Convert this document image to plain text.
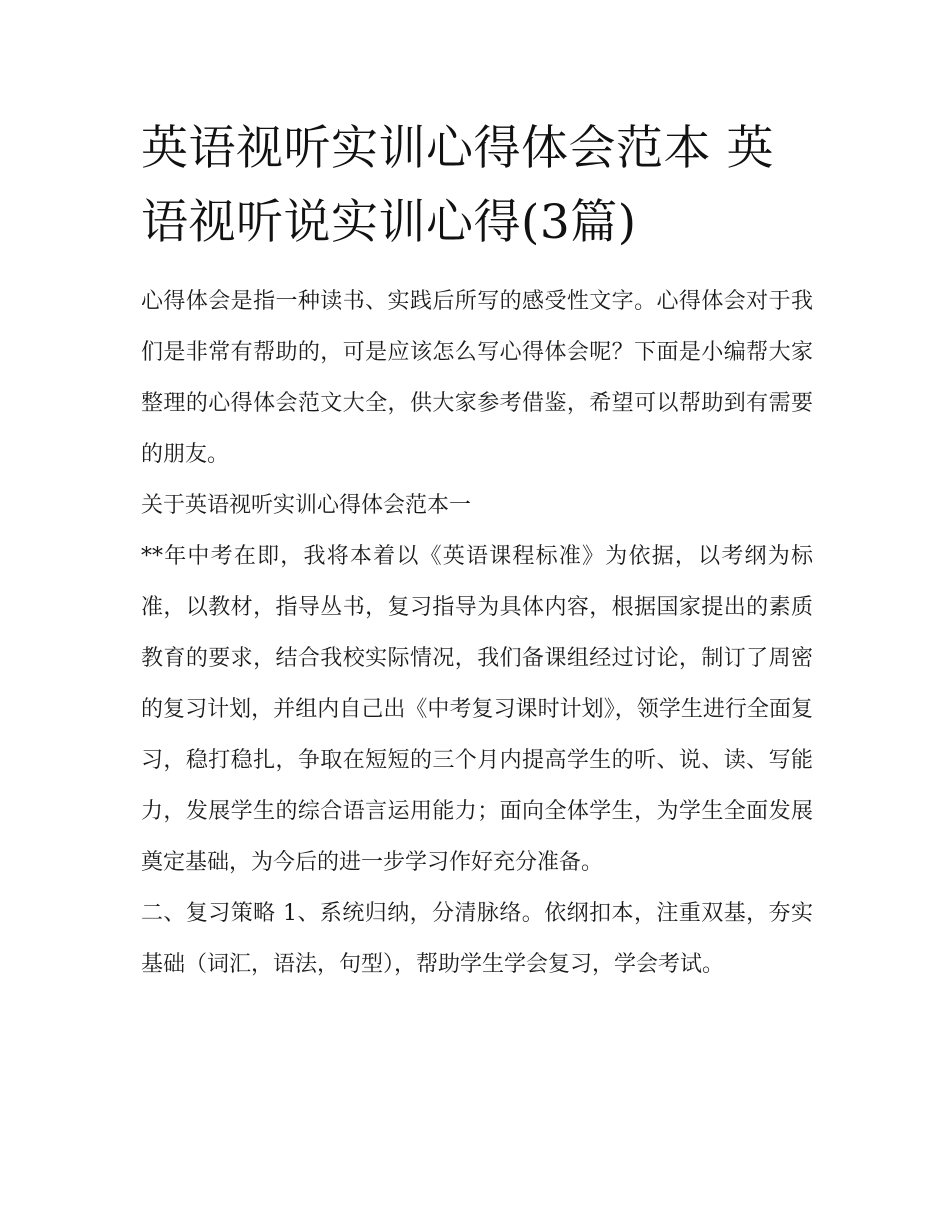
英语视听实训心得体会范本 英语视听说实训心得(3篇)

心得体会是指一种读书、实践后所写的感受性文字。心得体会对于我们是非常有帮助的，可是应该怎么写心得体会呢？下面是小编帮大家整理的心得体会范文大全，供大家参考借鉴，希望可以帮助到有需要的朋友。

关于英语视听实训心得体会范本一

**年中考在即，我将本着以《英语课程标准》为依据，以考纲为标准，以教材，指导丛书，复习指导为具体内容，根据国家提出的素质教育的要求，结合我校实际情况，我们备课组经过讨论，制订了周密的复习计划，并组内自己出《中考复习课时计划》，领学生进行全面复习，稳打稳扎，争取在短短的三个月内提高学生的听、说、读、写能力，发展学生的综合语言运用能力；面向全体学生，为学生全面发展奠定基础，为今后的进一步学习作好充分准备。

二、复习策略 1、系统归纳，分清脉络。依纲扣本，注重双基，夯实基础（词汇，语法，句型），帮助学生学会复习，学会考试。
